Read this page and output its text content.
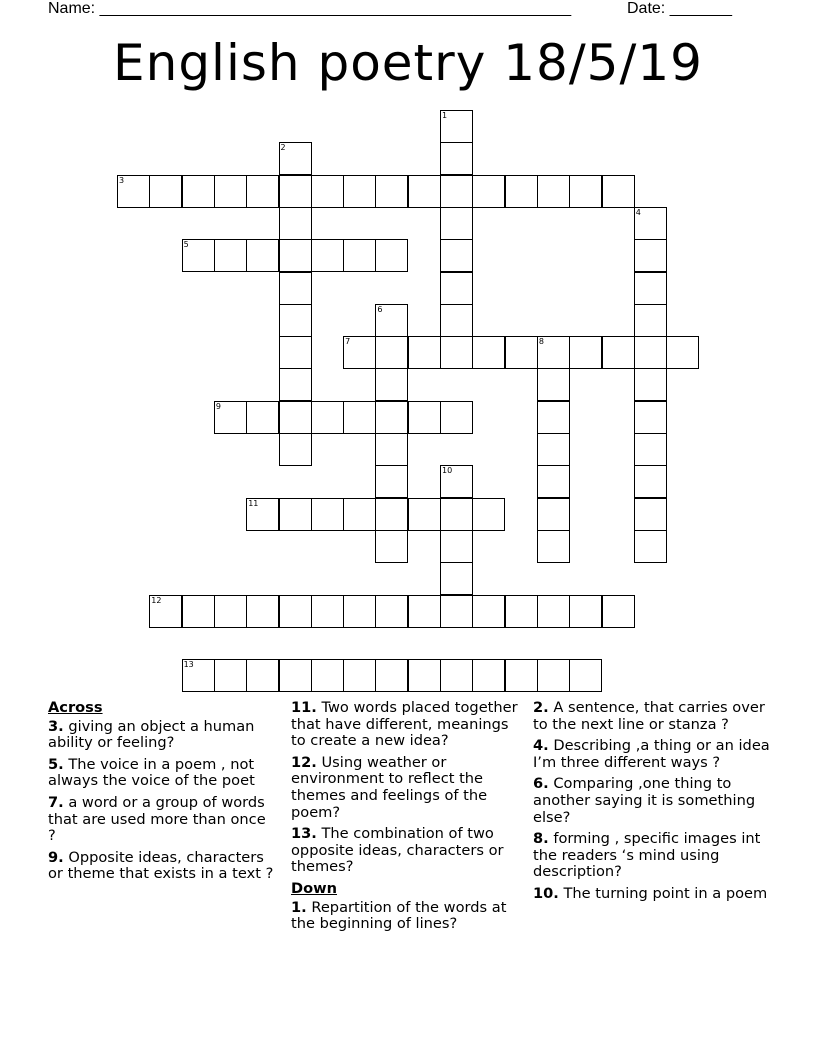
Name: _____________________________________________________	Date: _______
English poetry 18/5/19
1
2
3
4
5
6
7	8
9
10
11
12
13
Across
3. giving an object a human ability or feeling?
5. The voice in a poem , not always the voice of the poet
7. a word or a group of words that are used more than once ?
9. Opposite ideas, characters or theme that exists in a text ?
11. Two words placed together that have different, meanings to create a new idea?
12. Using weather or environment to reflect the themes and feelings of the poem?
13. The combination of two opposite ideas, characters or themes?
Down
1. Repartition of the words at the beginning of lines?
2. A sentence, that carries over to the next line or stanza ?
4. Describing ,a thing or an idea I’m three different ways ?
6. Comparing ,one thing to another saying it is something else?
8. forming , specific images int the readers ‘s mind using description?
10. The turning point in a poem
